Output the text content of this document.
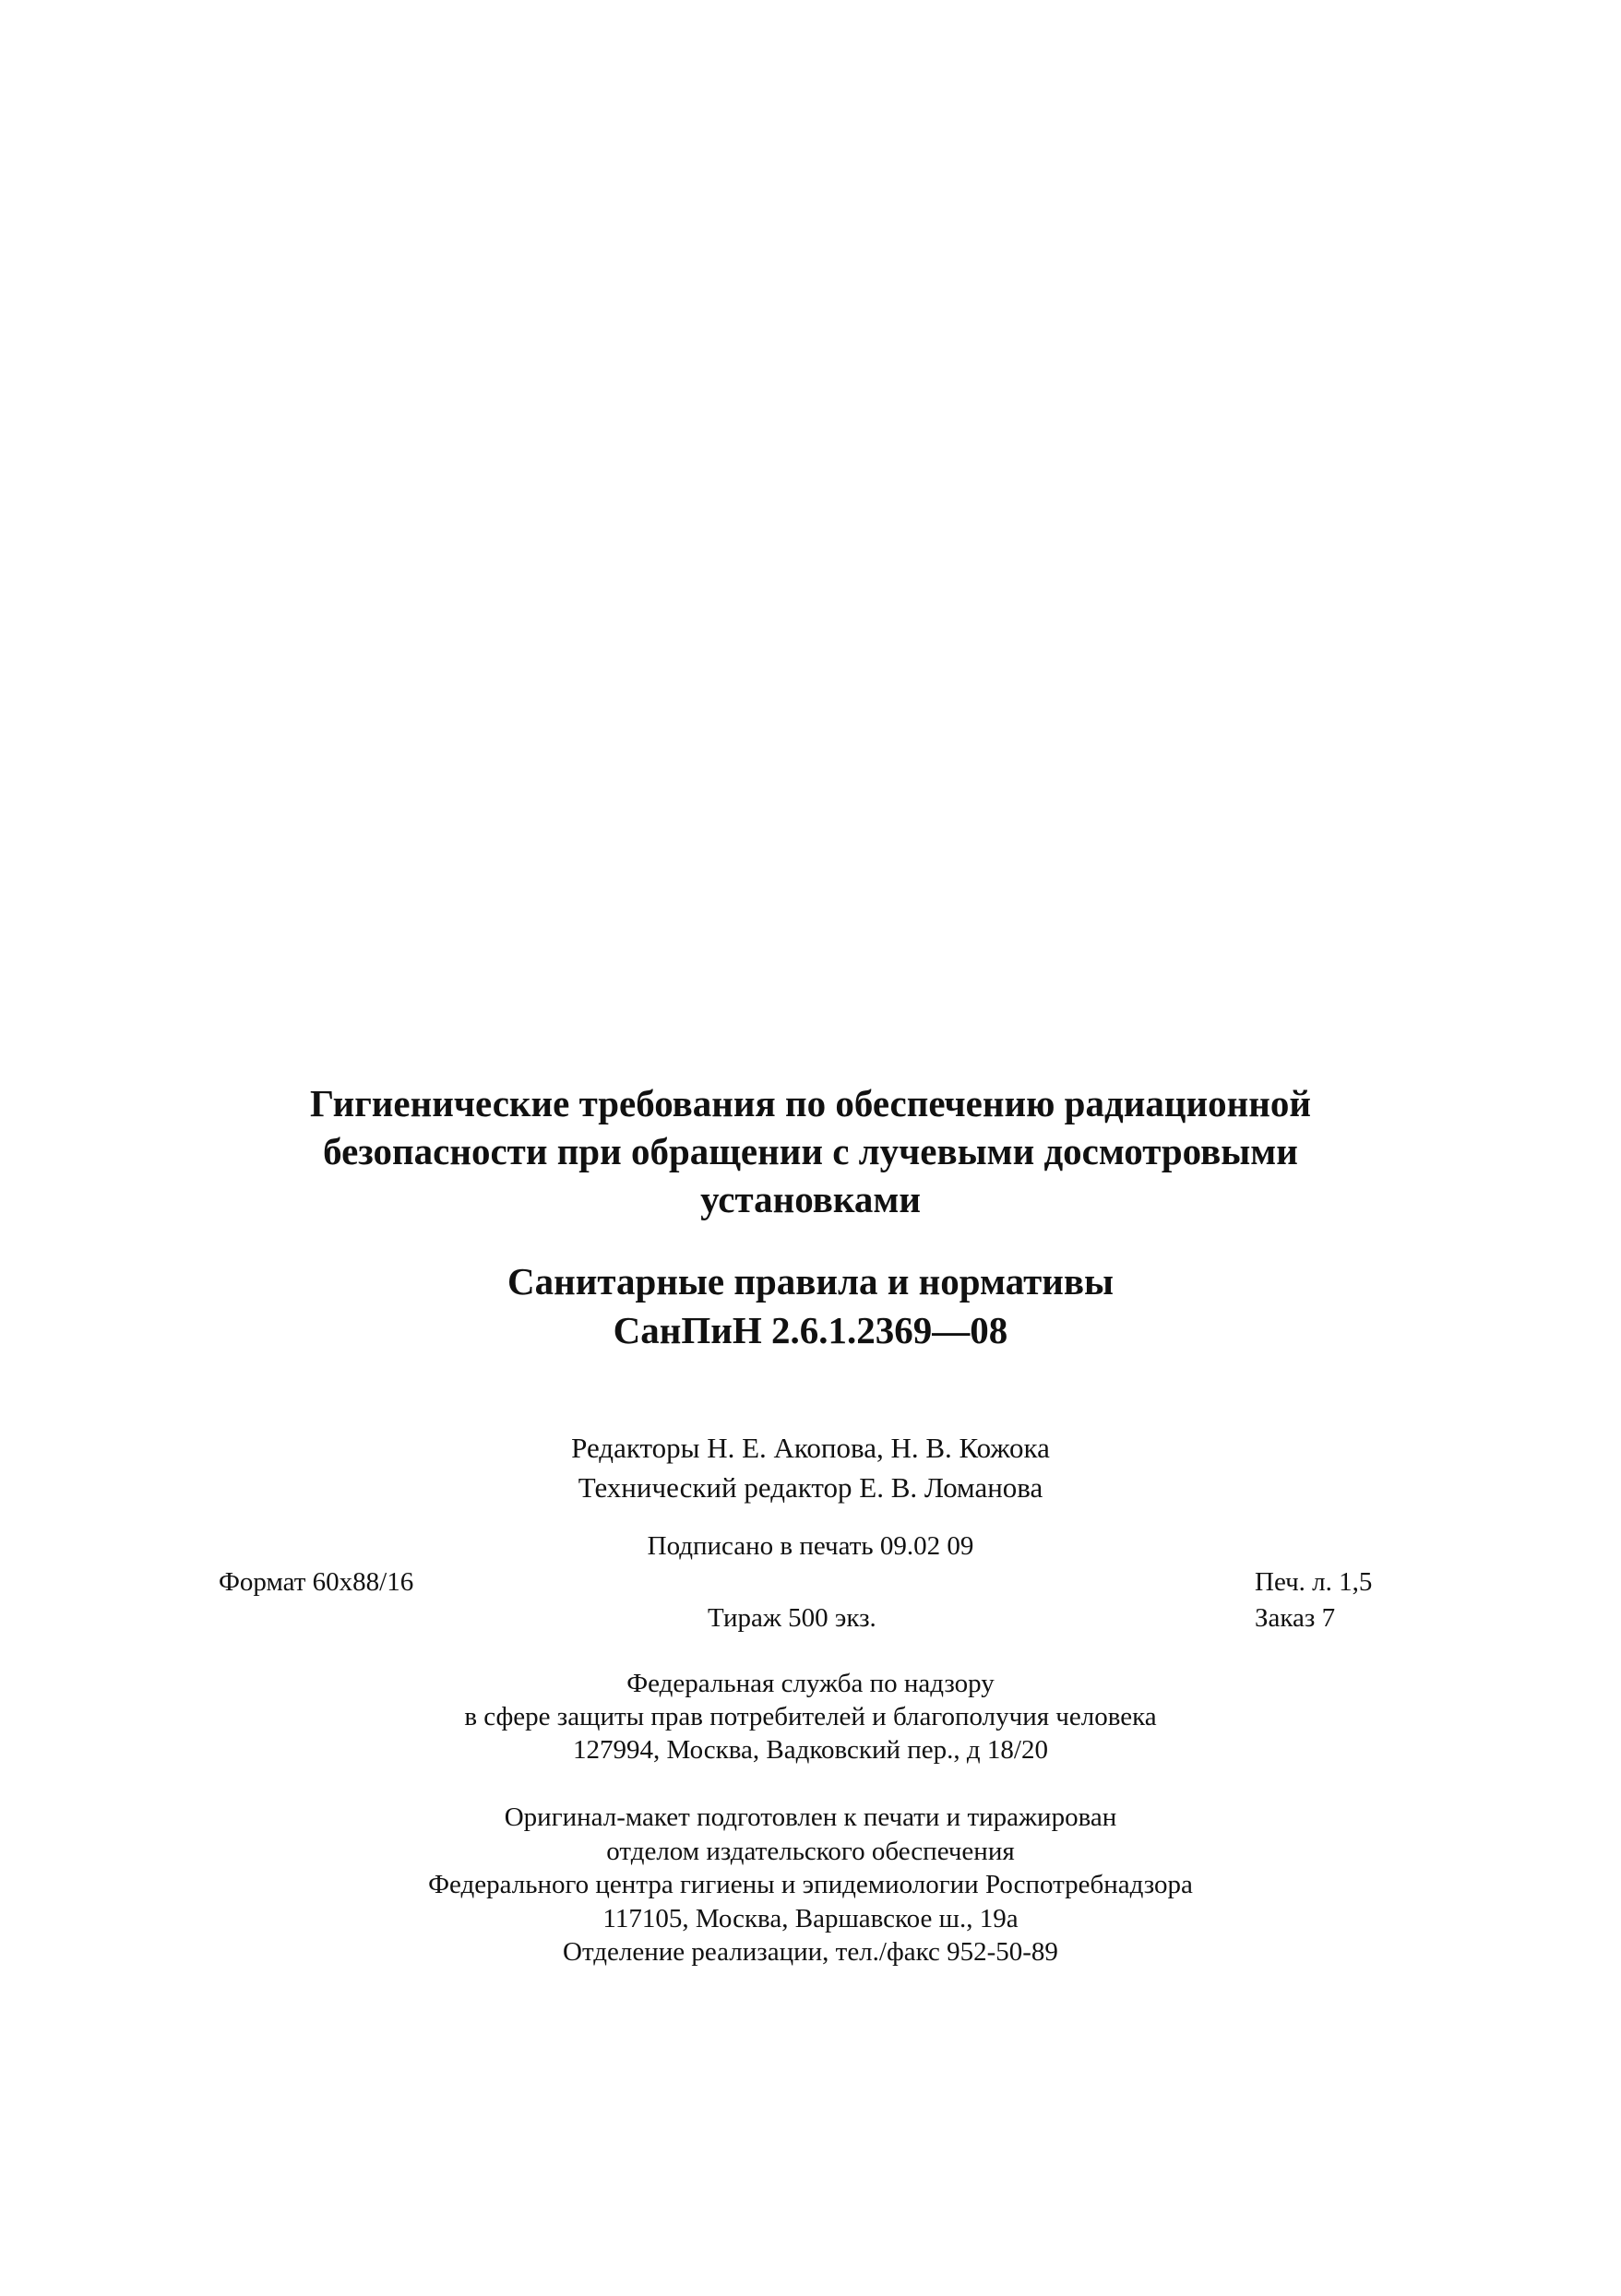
Гигиенические требования по обеспечению радиационной
безопасности при обращении с лучевыми досмотровыми
установками
Санитарные правила и нормативы
СанПиН 2.6.1.2369—08
Редакторы Н. Е. Акопова, Н. В. Кожока
Технический редактор Е. В. Ломанова
Подписано в печать 09.02 09
Формат 60x88/16	Печ. л. 1,5
Тираж 500 экз.	Заказ 7
Федеральная служба по надзору
в сфере защиты прав потребителей и благополучия человека
127994, Москва, Вадковский пер., д 18/20
Оригинал-макет подготовлен к печати и тиражирован
отделом издательского обеспечения
Федерального центра гигиены и эпидемиологии Роспотребнадзора
117105, Москва, Варшавское ш., 19а
Отделение реализации, тел./факс 952-50-89
